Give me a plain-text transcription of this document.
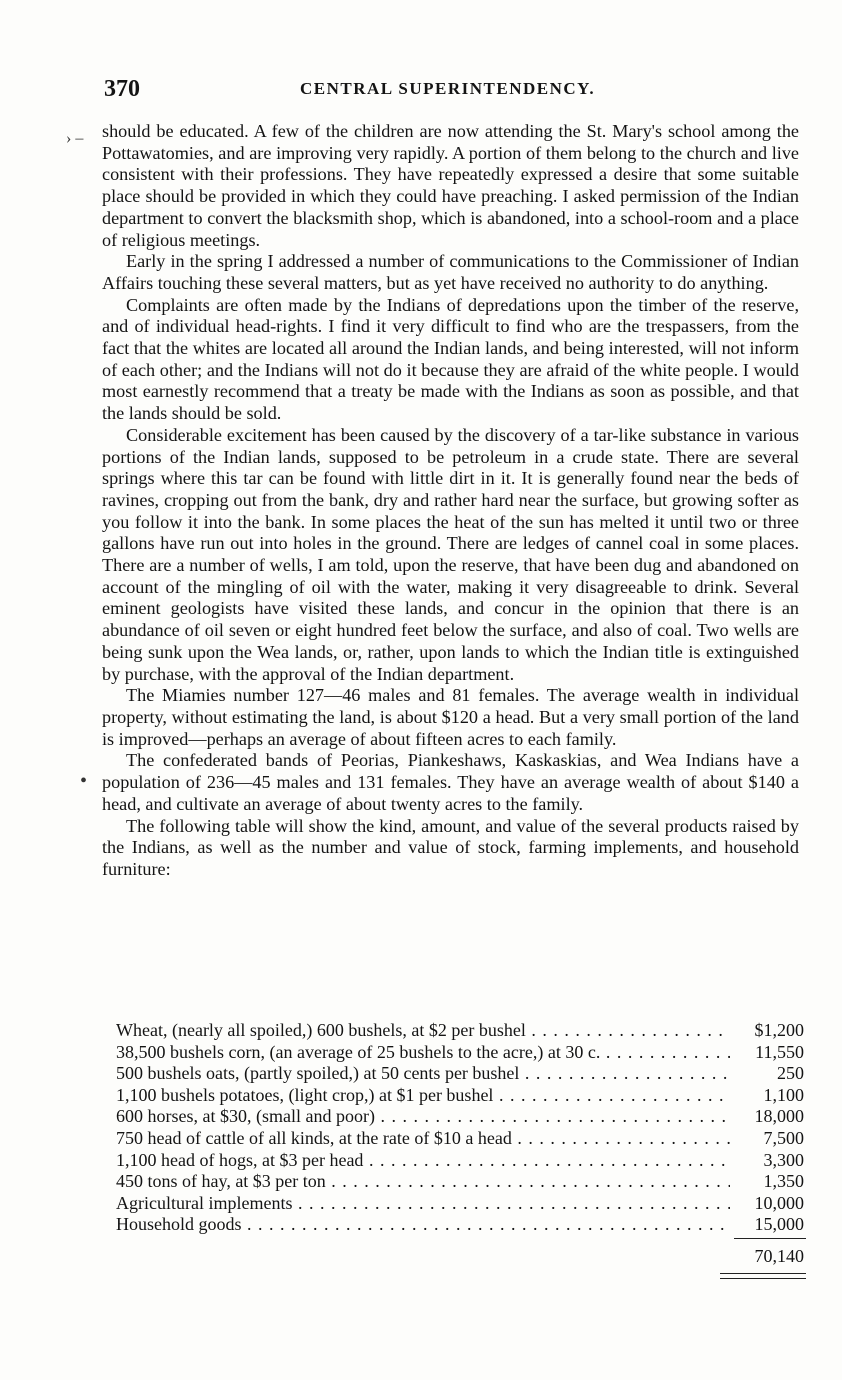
370	CENTRAL SUPERINTENDENCY.
› –
•

should be educated. A few of the children are now attending the St. Mary's school among the Pottawatomies, and are improving very rapidly. A portion of them belong to the church and live consistent with their professions. They have repeatedly expressed a desire that some suitable place should be provided in which they could have preaching. I asked permission of the Indian department to convert the blacksmith shop, which is abandoned, into a school-room and a place of religious meetings.

Early in the spring I addressed a number of communications to the Commissioner of Indian Affairs touching these several matters, but as yet have received no authority to do anything.

Complaints are often made by the Indians of depredations upon the timber of the reserve, and of individual head-rights. I find it very difficult to find who are the trespassers, from the fact that the whites are located all around the Indian lands, and being interested, will not inform of each other; and the Indians will not do it because they are afraid of the white people. I would most earnestly recommend that a treaty be made with the Indians as soon as possible, and that the lands should be sold.

Considerable excitement has been caused by the discovery of a tar-like substance in various portions of the Indian lands, supposed to be petroleum in a crude state. There are several springs where this tar can be found with little dirt in it. It is generally found near the beds of ravines, cropping out from the bank, dry and rather hard near the surface, but growing softer as you follow it into the bank. In some places the heat of the sun has melted it until two or three gallons have run out into holes in the ground. There are ledges of cannel coal in some places. There are a number of wells, I am told, upon the reserve, that have been dug and abandoned on account of the mingling of oil with the water, making it very disagreeable to drink. Several eminent geologists have visited these lands, and concur in the opinion that there is an abundance of oil seven or eight hundred feet below the surface, and also of coal. Two wells are being sunk upon the Wea lands, or, rather, upon lands to which the Indian title is extinguished by purchase, with the approval of the Indian department.

The Miamies number 127—46 males and 81 females. The average wealth in individual property, without estimating the land, is about $120 a head. But a very small portion of the land is improved—perhaps an average of about fifteen acres to each family.

The confederated bands of Peorias, Piankeshaws, Kaskaskias, and Wea Indians have a population of 236—45 males and 131 females. They have an average wealth of about $140 a head, and cultivate an average of about twenty acres to the family.

The following table will show the kind, amount, and value of the several products raised by the Indians, as well as the number and value of stock, farming implements, and household furniture:

Wheat, (nearly all spoiled,) 600 bushels, at $2 per bushel . . .	$1,200
38,500 bushels corn, (an average of 25 bushels to the acre,) at 30 c. . . .	11,550
500 bushels oats, (partly spoiled,) at 50 cents per bushel . . .	250
1,100 bushels potatoes, (light crop,) at $1 per bushel . . .	1,100
600 horses, at $30, (small and poor) . . .	18,000
750 head of cattle of all kinds, at the rate of $10 a head . . .	7,500
1,100 head of hogs, at $3 per head . . .	3,300
450 tons of hay, at $3 per ton . . .	1,350
Agricultural implements . . .	10,000
Household goods . . .	15,000
70,140
